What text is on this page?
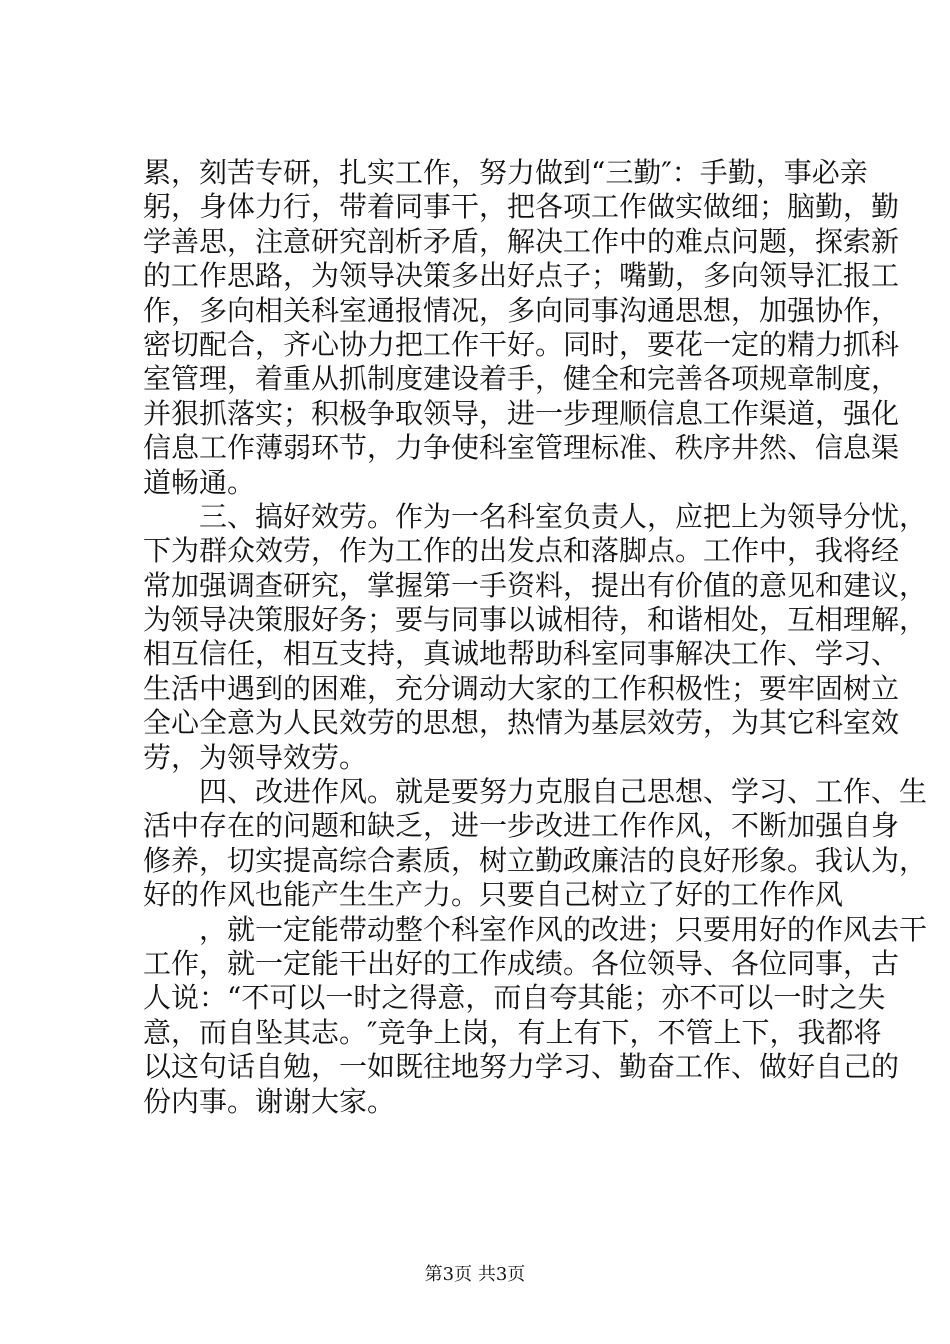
累，刻苦专研，扎实工作，努力做到“三勤″：手勤，事必亲
躬，身体力行，带着同事干，把各项工作做实做细；脑勤，勤
学善思，注意研究剖析矛盾，解决工作中的难点问题，探索新
的工作思路，为领导决策多出好点子；嘴勤，多向领导汇报工
作，多向相关科室通报情况，多向同事沟通思想，加强协作，
密切配合，齐心协力把工作干好。同时，要花一定的精力抓科
室管理，着重从抓制度建设着手，健全和完善各项规章制度，
并狠抓落实；积极争取领导，进一步理顺信息工作渠道，强化
信息工作薄弱环节，力争使科室管理标准、秩序井然、信息渠
道畅通。
　　三、搞好效劳。作为一名科室负责人，应把上为领导分忧，
下为群众效劳，作为工作的出发点和落脚点。工作中，我将经
常加强调查研究，掌握第一手资料，提出有价值的意见和建议，
为领导决策服好务；要与同事以诚相待，和谐相处，互相理解，
相互信任，相互支持，真诚地帮助科室同事解决工作、学习、
生活中遇到的困难，充分调动大家的工作积极性；要牢固树立
全心全意为人民效劳的思想，热情为基层效劳，为其它科室效
劳，为领导效劳。
　　四、改进作风。就是要努力克服自己思想、学习、工作、生
活中存在的问题和缺乏，进一步改进工作作风，不断加强自身
修养，切实提高综合素质，树立勤政廉洁的良好形象。我认为，
好的作风也能产生生产力。只要自己树立了好的工作作风
　　，就一定能带动整个科室作风的改进；只要用好的作风去干
工作，就一定能干出好的工作成绩。各位领导、各位同事，古
人说：“不可以一时之得意，而自夸其能；亦不可以一时之失
意，而自坠其志。″竞争上岗，有上有下，不管上下，我都将
以这句话自勉，一如既往地努力学习、勤奋工作、做好自己的
份内事。谢谢大家。
第3页 共3页
